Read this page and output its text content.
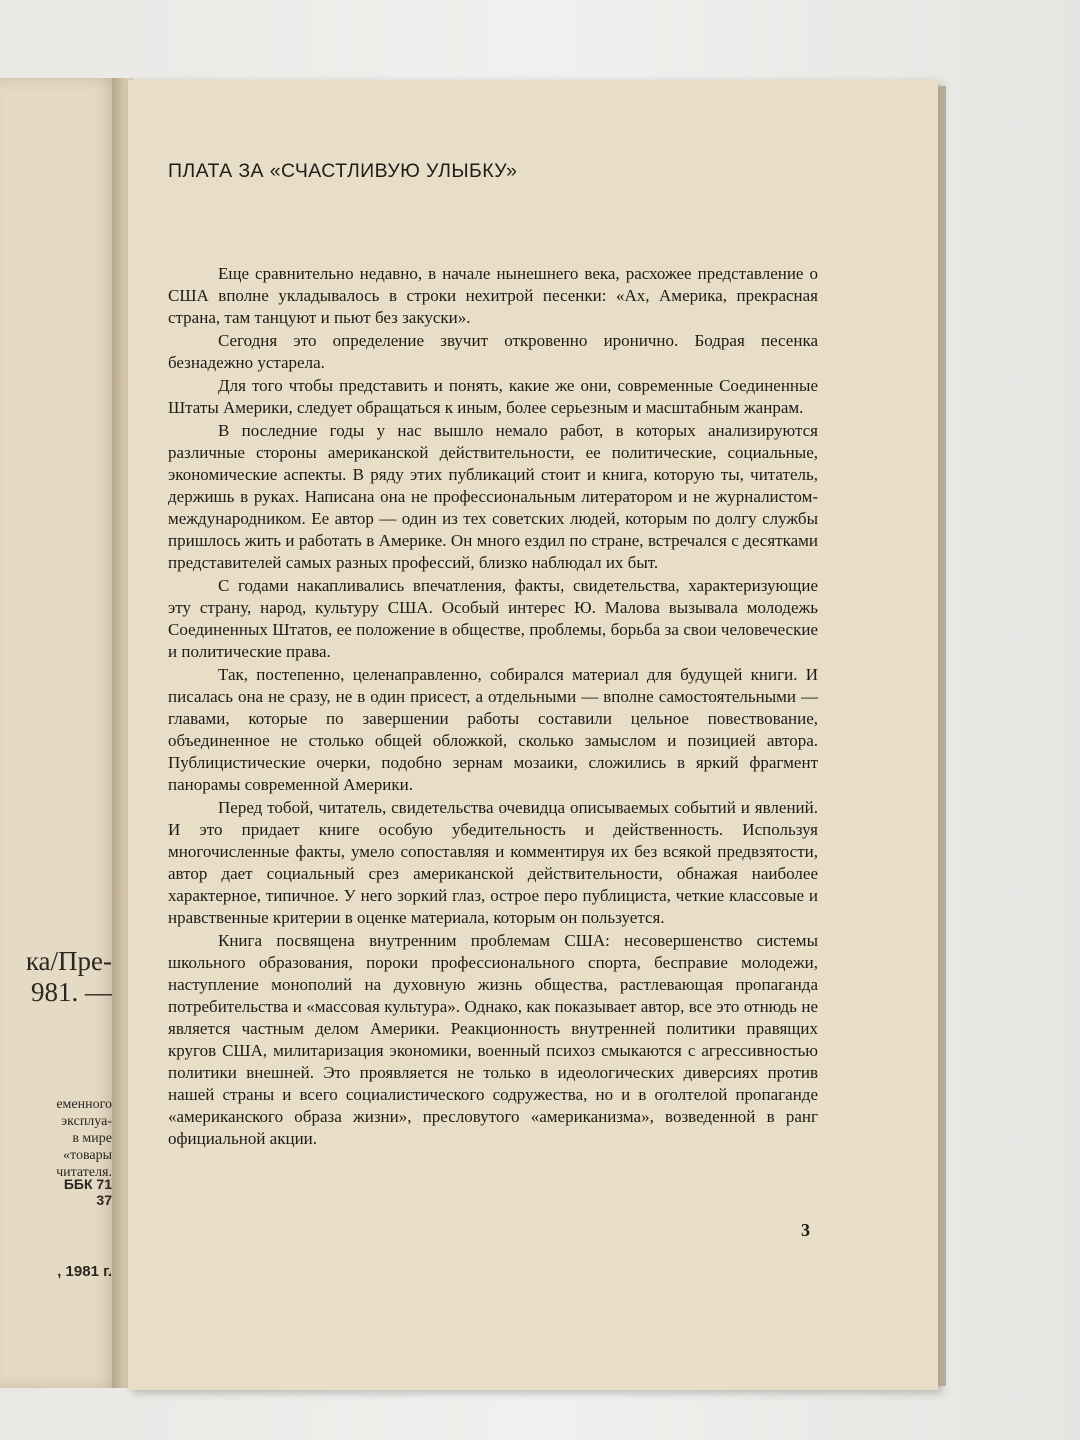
ка/Пре-
981. —
еменного
эксплуа-
в мире
«товары
читателя.
ББК 71
37
, 1981 г.
ПЛАТА ЗА «СЧАСТЛИВУЮ УЛЫБКУ»

Еще сравнительно недавно, в начале нынешнего века, расхожее представление о США вполне укладывалось в строки нехитрой песенки: «Ах, Америка, прекрасная страна, там танцуют и пьют без закуски».

Сегодня это определение звучит откровенно иронично. Бодрая песенка безнадежно устарела.

Для того чтобы представить и понять, какие же они, современные Соединенные Штаты Америки, следует обращаться к иным, более серьезным и масштабным жанрам.

В последние годы у нас вышло немало работ, в которых анализируются различные стороны американской действительности, ее политические, социальные, экономические аспекты. В ряду этих публикаций стоит и книга, которую ты, читатель, держишь в руках. Написана она не профессиональным литератором и не журналистом-международником. Ее автор — один из тех советских людей, которым по долгу службы пришлось жить и работать в Америке. Он много ездил по стране, встречался с десятками представителей самых разных профессий, близко наблюдал их быт.

С годами накапливались впечатления, факты, свидетельства, характеризующие эту страну, народ, культуру США. Особый интерес Ю. Малова вызывала молодежь Соединенных Штатов, ее положение в обществе, проблемы, борьба за свои человеческие и политические права.

Так, постепенно, целенаправленно, собирался материал для будущей книги. И писалась она не сразу, не в один присест, а отдельными — вполне самостоятельными — главами, которые по завершении работы составили цельное повествование, объединенное не столько общей обложкой, сколько замыслом и позицией автора. Публицистические очерки, подобно зернам мозаики, сложились в яркий фрагмент панорамы современной Америки.

Перед тобой, читатель, свидетельства очевидца описываемых событий и явлений. И это придает книге особую убедительность и действенность. Используя многочисленные факты, умело сопоставляя и комментируя их без всякой предвзятости, автор дает социальный срез американской действительности, обнажая наиболее характерное, типичное. У него зоркий глаз, острое перо публициста, четкие классовые и нравственные критерии в оценке материала, которым он пользуется.

Книга посвящена внутренним проблемам США: несовершенство системы школьного образования, пороки профессионального спорта, бесправие молодежи, наступление монополий на духовную жизнь общества, растлевающая пропаганда потребительства и «массовая культура». Однако, как показывает автор, все это отнюдь не является частным делом Америки. Реакционность внутренней политики правящих кругов США, милитаризация экономики, военный психоз смыкаются с агрессивностью политики внешней. Это проявляется не только в идеологических диверсиях против нашей страны и всего социалистического содружества, но и в оголтелой пропаганде «американского образа жизни», пресловутого «американизма», возведенной в ранг официальной акции.

3
